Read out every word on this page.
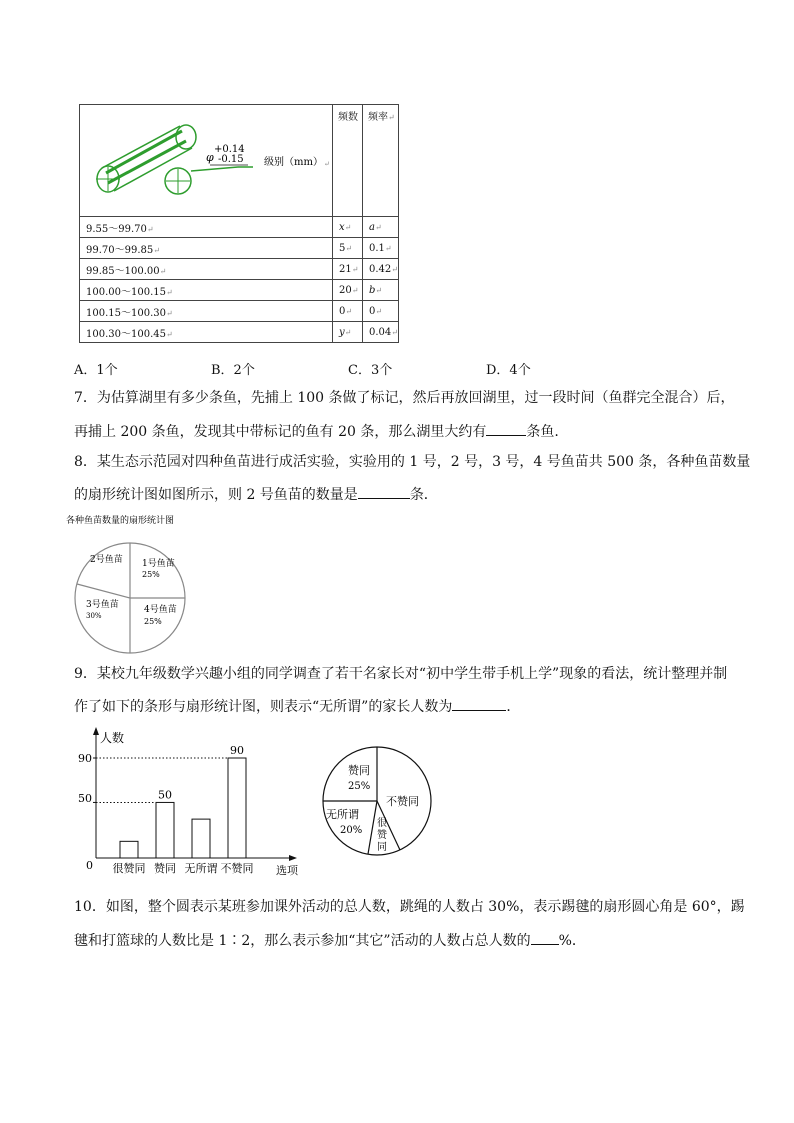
φ
+0.14
-0.15 级别（mm） ↵	频数	频率↵
9.55～99.70↵	x↵	a↵
99.70～99.85↵	5↵	0.1↵
99.85～100.00↵	21↵	0.42↵
100.00～100.15↵	20↵	b↵
100.15～100.30↵	0↵	0↵
100.30～100.45↵	y↵	0.04↵
A．1个	B．2个	C．3个	D．4个
7．为估算湖里有多少条鱼，先捕上 100 条做了标记，然后再放回湖里，过一段时间（鱼群完全混合）后，
再捕上 200 条鱼，发现其中带标记的鱼有 20 条，那么湖里大约有	条鱼.
8．某生态示范园对四种鱼苗进行成活实验，实验用的 1 号，2 号，3 号，4 号鱼苗共 500 条，各种鱼苗数量
的扇形统计图如图所示，则 2 号鱼苗的数量是	条．
各种鱼苗数量的扇形统计图
2号鱼苗 1号鱼苗
25%
3号鱼苗
30%
4号鱼苗
25%
9．某校九年级数学兴趣小组的同学调查了若干名家长对“初中学生带手机上学”现象的看法，统计整理并制
作了如下的条形与扇形统计图，则表示“无所谓”的家长人数为	．
人数
选项
90
50
0 很赞同 赞同
50
无所谓 不赞同
90
赞同
25%
不赞同
无所谓
20%
很赞同
10．如图，整个圆表示某班参加课外活动的总人数，跳绳的人数占 30%，表示踢毽的扇形圆心角是 60°，踢
毽和打篮球的人数比是 1∶2，那么表示参加“其它”活动的人数占总人数的 %．
